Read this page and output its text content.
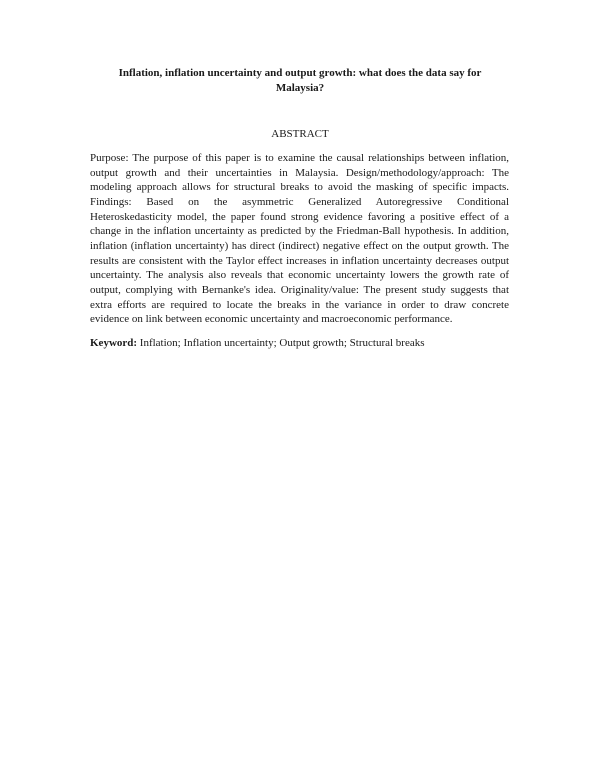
Inflation, inflation uncertainty and output growth: what does the data say for Malaysia?
ABSTRACT

Purpose: The purpose of this paper is to examine the causal relationships between inflation, output growth and their uncertainties in Malaysia. Design/methodology/approach: The modeling approach allows for structural breaks to avoid the masking of specific impacts. Findings: Based on the asymmetric Generalized Autoregressive Conditional Heteroskedasticity model, the paper found strong evidence favoring a positive effect of a change in the inflation uncertainty as predicted by the Friedman-Ball hypothesis. In addition, inflation (inflation uncertainty) has direct (indirect) negative effect on the output growth. The results are consistent with the Taylor effect increases in inflation uncertainty decreases output uncertainty. The analysis also reveals that economic uncertainty lowers the growth rate of output, complying with Bernanke's idea. Originality/value: The present study suggests that extra efforts are required to locate the breaks in the variance in order to draw concrete evidence on link between economic uncertainty and macroeconomic performance.

Keyword: Inflation; Inflation uncertainty; Output growth; Structural breaks
